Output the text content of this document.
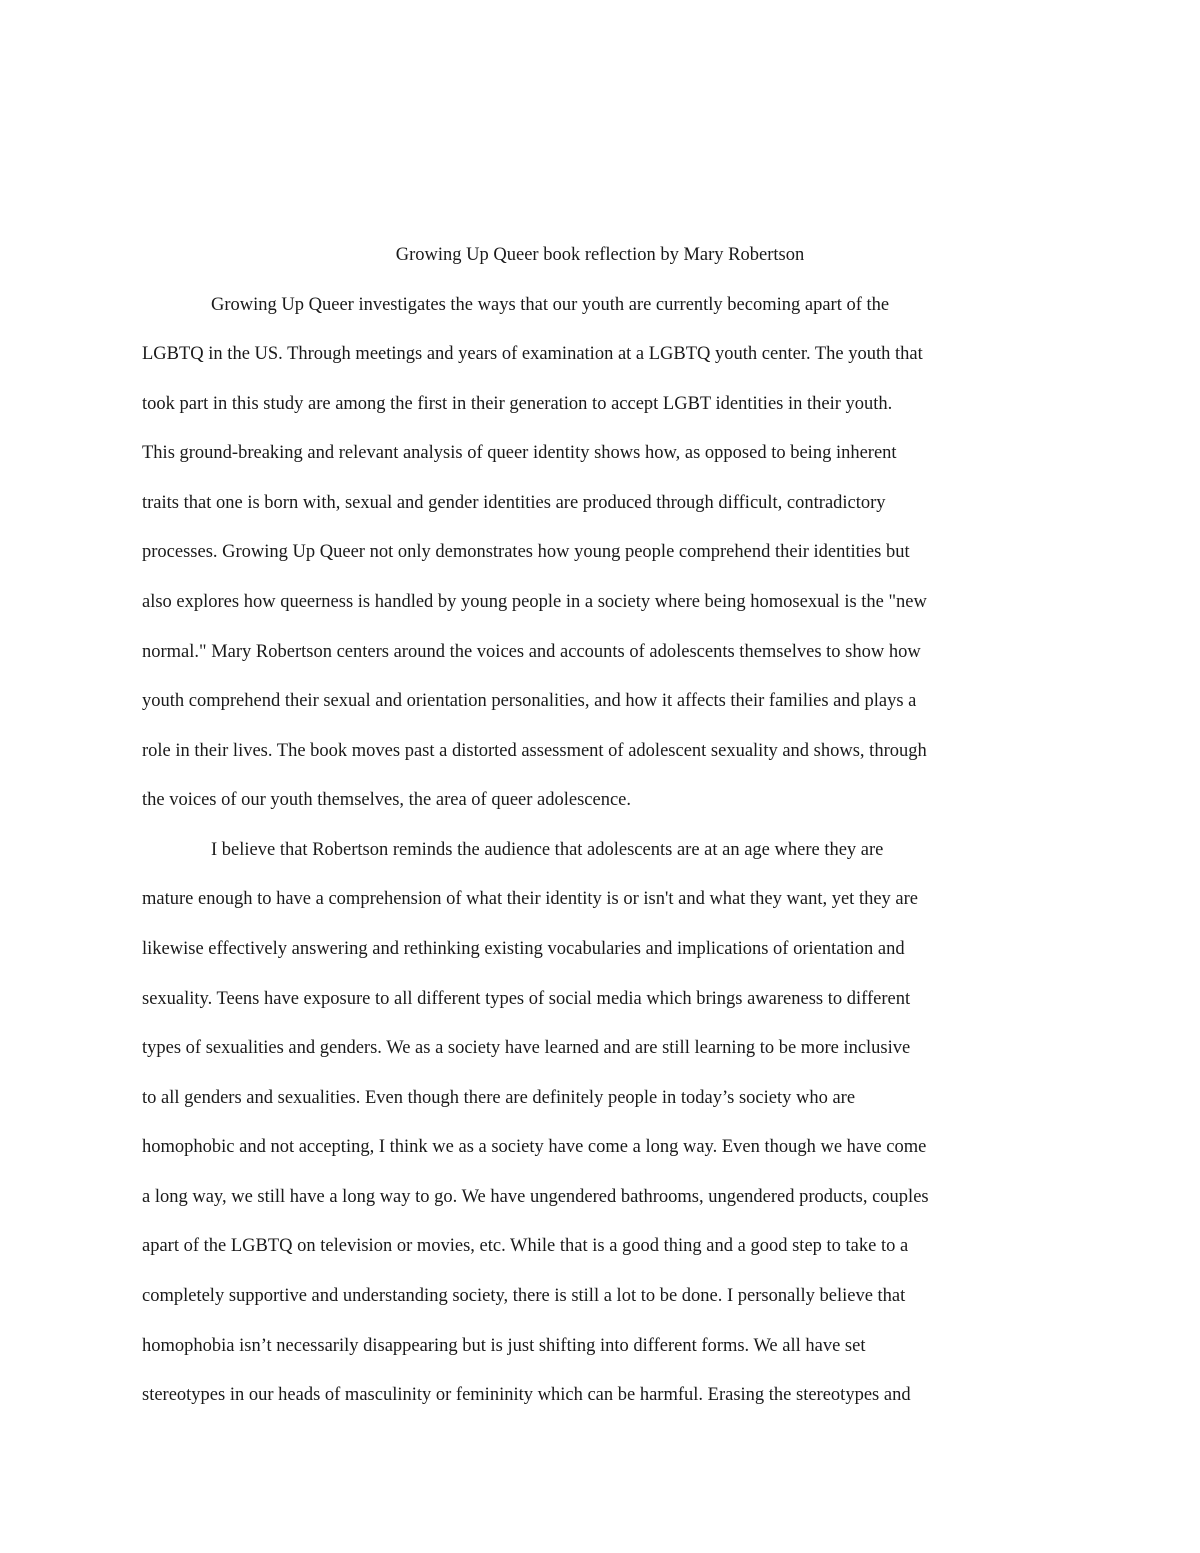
Growing Up Queer book reflection by Mary Robertson
Growing Up Queer investigates the ways that our youth are currently becoming apart of the
LGBTQ in the US. Through meetings and years of examination at a LGBTQ youth center. The youth that
took part in this study are among the first in their generation to accept LGBT identities in their youth.
This ground-breaking and relevant analysis of queer identity shows how, as opposed to being inherent
traits that one is born with, sexual and gender identities are produced through difficult, contradictory
processes. Growing Up Queer not only demonstrates how young people comprehend their identities but
also explores how queerness is handled by young people in a society where being homosexual is the "new
normal." Mary Robertson centers around the voices and accounts of adolescents themselves to show how
youth comprehend their sexual and orientation personalities, and how it affects their families and plays a
role in their lives. The book moves past a distorted assessment of adolescent sexuality and shows, through
the voices of our youth themselves, the area of queer adolescence.
I believe that Robertson reminds the audience that adolescents are at an age where they are
mature enough to have a comprehension of what their identity is or isn't and what they want, yet they are
likewise effectively answering and rethinking existing vocabularies and implications of orientation and
sexuality. Teens have exposure to all different types of social media which brings awareness to different
types of sexualities and genders. We as a society have learned and are still learning to be more inclusive
to all genders and sexualities. Even though there are definitely people in today’s society who are
homophobic and not accepting, I think we as a society have come a long way. Even though we have come
a long way, we still have a long way to go. We have ungendered bathrooms, ungendered products, couples
apart of the LGBTQ on television or movies, etc. While that is a good thing and a good step to take to a
completely supportive and understanding society, there is still a lot to be done. I personally believe that
homophobia isn’t necessarily disappearing but is just shifting into different forms. We all have set
stereotypes in our heads of masculinity or femininity which can be harmful. Erasing the stereotypes and
